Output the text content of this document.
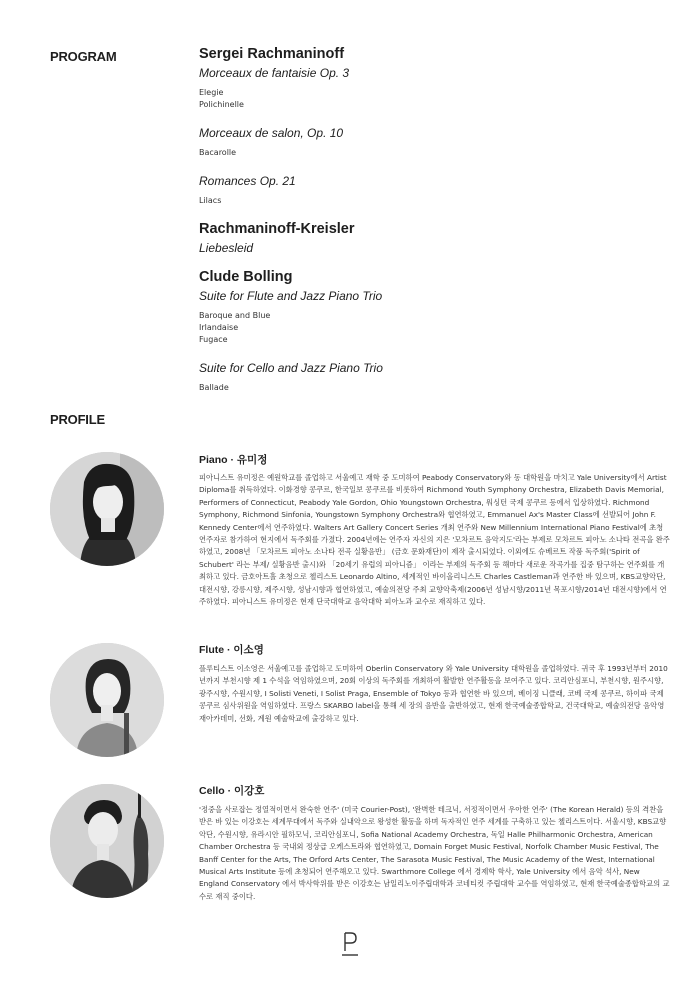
PROGRAM	Sergei Rachmaninoff

Morceaux de fantaisie Op. 3

Elegie
Polichinelle

Morceaux de salon, Op. 10

Bacarolle

Romances Op. 21

Lilacs

Rachmaninoff-Kreisler

Liebesleid

Clude Bolling

Suite for Flute and Jazz Piano Trio

Baroque and Blue
Irlandaise
Fugace

Suite for Cello and Jazz Piano Trio

Ballade
PROFILE

Piano · 유미정

피아니스트 유미정은 예원학교를 졸업하고 서울예고 재학 중 도미하여 Peabody Conservatory와 동 대학원을 마치고 Yale University에서 Artist Diploma를 취득하였다. 이화경향 콩쿠르, 한국일보 콩쿠르를 비롯하여 Richmond Youth Symphony Orchestra, Elizabeth Davis Memorial, Performers of Connecticut, Peabody Yale Gordon, Ohio Youngstown Orchestra, 워싱턴 국제 콩쿠르 등에서 입상하였다. Richmond Symphony, Richmond Sinfonia, Youngstown Symphony Orchestra와 협연하였고, Emmanuel Ax's Master Class에 선발되어 John F. Kennedy Center에서 연주하였다. Walters Art Gallery Concert Series 개최 연주와 New Millennium International Piano Festival에 초청 연주자로 참가하여 현지에서 독주회를 가졌다. 2004년에는 연주자 자신의 지은 '모차르트 음악지도'라는 부제로 모차르트 피아노 소나타 전곡을 완주하였고, 2008년 「모차르트 피아노 소나타 전곡 실황음반」 (금호 문화재단)이 제작 출시되었다. 이외에도 슈베르트 작품 독주회('Spirit of Schubert' 라는 부제/ 실황음반 출시)와 「20세기 유럽의 피아니즘」 이라는 부제의 독주회 등 해마다 새로운 작곡가를 집중 탐구하는 연주회를 개최하고 있다. 금호아트홀 초청으로 첼리스트 Leonardo Altino, 세계적인 바이올리니스트 Charles Castleman과 연주한 바 있으며, KBS교향악단, 대전시향, 강릉시향, 제주시향, 성남시향과 협연하였고, 예술의전당 주최 교향악축제(2006년 성남시향/2011년 목포시향/2014년 대전시향)에서 연주하였다. 피아니스트 유미정은 현재 단국대학교 음악대학 피아노과 교수로 재직하고 있다.

Flute · 이소영

플루티스트 이소영은 서울예고를 졸업하고 도미하여 Oberlin Conservatory 와 Yale University 대학원을 졸업하였다. 귀국 후 1993년부터 2010년까지 부천시향 제 1 수석을 역임하였으며, 20회 이상의 독주회를 개최하여 활발한 연주활동을 보여주고 있다. 코리안심포니, 부천시향, 원주시향, 광주시향, 수원시향, I Solisti Veneti, I Solist Praga, Ensemble of Tokyo 등과 협연한 바 있으며, 베이징 니클래, 코베 국제 콩쿠르, 하이파 국제 콩쿠르 심사위원을 역임하였다. 프랑스 SKARBO label을 통해 세 장의 음반을 출반하였고, 현재 한국예술종합학교, 건국대학교, 예술의전당 음악영재아카데미, 선화, 계원 예술학교에 출강하고 있다.

Cello · 이강호

'정중을 사로잡는 정열적이면서 완숙한 연주' (미국 Courier-Post), '완벽한 테크닉, 서정적이면서 우아한 연주' (The Korean Herald) 등의 격찬을 받은 바 있는 이강호는 세계무대에서 독주와 실내악으로 왕성한 활동을 하며 독자적인 연주 세계를 구축하고 있는 첼리스트이다. 서울시향, KBS교향악단, 수원시향, 유라시안 필하모닉, 코리안심포니, Sofia National Academy Orchestra, 독일 Halle Philharmonic Orchestra, American Chamber Orchestra 등 국내외 정상급 오케스트라와 협연하였고, Domain Forget Music Festival, Norfolk Chamber Music Festival, The Banff Center for the Arts, The Orford Arts Center, The Sarasota Music Festival, The Music Academy of the West, International Musical Arts Institute 등에 초청되어 연주해오고 있다. Swarthmore College 에서 경제학 학사, Yale University 에서 음악 석사, New England Conservatory 에서 박사학위를 받은 이강호는 남일리노이주립대학과 코네티컷 주립대학 교수를 역임하였고, 현재 한국예술종합학교의 교수로 재직 중이다.
